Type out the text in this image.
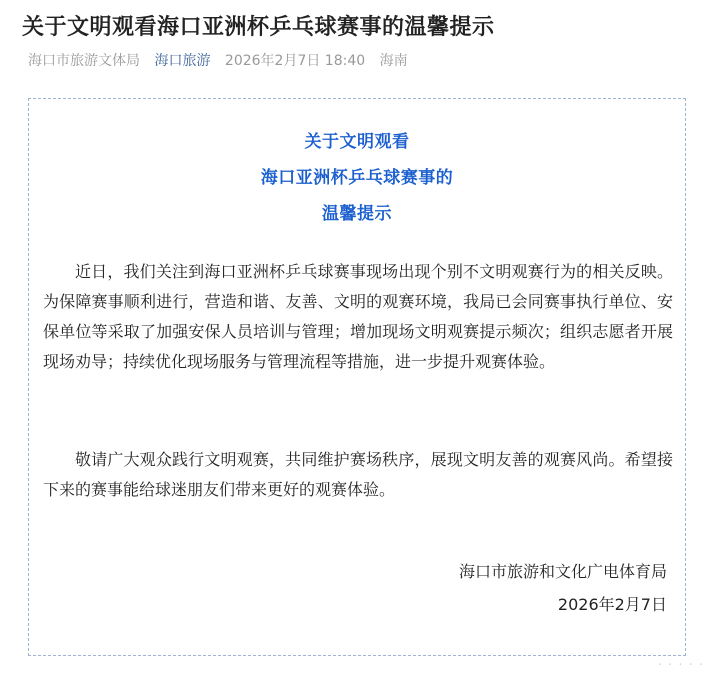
关于文明观看海口亚洲杯乒乓球赛事的温馨提示
海口市旅游文体局 海口旅游 2026年2月7日 18:40 海南

关于文明观看

海口亚洲杯乒乓球赛事的

温馨提示

近日，我们关注到海口亚洲杯乒乓球赛事现场出现个别不文明观赛行为的相关反映。为保障赛事顺利进行，营造和谐、友善、文明的观赛环境，我局已会同赛事执行单位、安保单位等采取了加强安保人员培训与管理；增加现场文明观赛提示频次；组织志愿者开展现场劝导；持续优化现场服务与管理流程等措施，进一步提升观赛体验。

敬请广大观众践行文明观赛，共同维护赛场秩序，展现文明友善的观赛风尚。希望接下来的赛事能给球迷朋友们带来更好的观赛体验。

海口市旅游和文化广电体育局
2026年2月7日
· · · · ·
